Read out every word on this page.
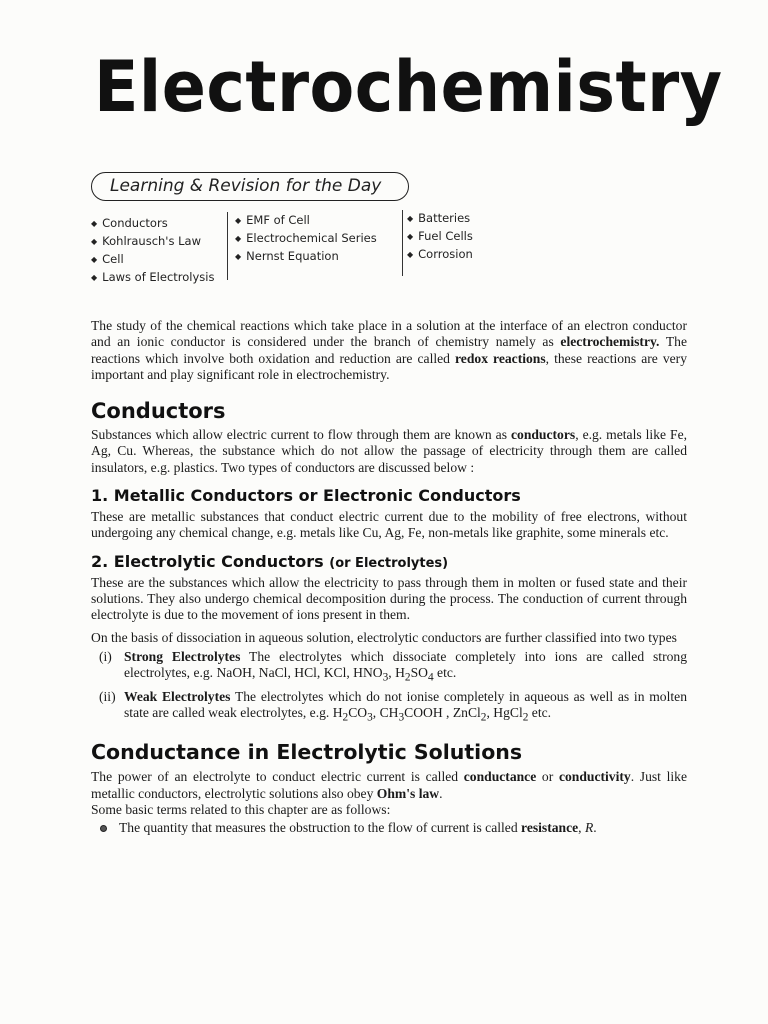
Electrochemistry
Learning & Revision for the Day
◆ Conductors
◆ Kohlrausch's Law
◆ Cell
◆ Laws of Electrolysis
◆ EMF of Cell
◆ Electrochemical Series
◆ Nernst Equation
◆ Batteries
◆ Fuel Cells
◆ Corrosion

The study of the chemical reactions which take place in a solution at the interface of an electron conductor and an ionic conductor is considered under the branch of chemistry namely as electrochemistry. The reactions which involve both oxidation and reduction are called redox reactions, these reactions are very important and play significant role in electrochemistry.

Conductors

Substances which allow electric current to flow through them are known as conductors, e.g. metals like Fe, Ag, Cu. Whereas, the substance which do not allow the passage of electricity through them are called insulators, e.g. plastics. Two types of conductors are discussed below :

1. Metallic Conductors or Electronic Conductors

These are metallic substances that conduct electric current due to the mobility of free electrons, without undergoing any chemical change, e.g. metals like Cu, Ag, Fe, non-metals like graphite, some minerals etc.

2. Electrolytic Conductors (or Electrolytes)

These are the substances which allow the electricity to pass through them in molten or fused state and their solutions. They also undergo chemical decomposition during the process. The conduction of current through electrolyte is due to the movement of ions present in them.

On the basis of dissociation in aqueous solution, electrolytic conductors are further classified into two types

(i) Strong Electrolytes The electrolytes which dissociate completely into ions are called strong electrolytes, e.g. NaOH, NaCl, HCl, KCl, $HNO_3$, $H_2SO_4$ etc.

(ii) Weak Electrolytes The electrolytes which do not ionise completely in aqueous as well as in molten state are called weak electrolytes, e.g. $H_2CO_3$, $CH_3COOH$ , ZnCl$_2$, HgCl$_2$ etc.

Conductance in Electrolytic Solutions

The power of an electrolyte to conduct electric current is called conductance or conductivity. Just like metallic conductors, electrolytic solutions also obey Ohm's law.

Some basic terms related to this chapter are as follows:

The quantity that measures the obstruction to the flow of current is called resistance, R.
